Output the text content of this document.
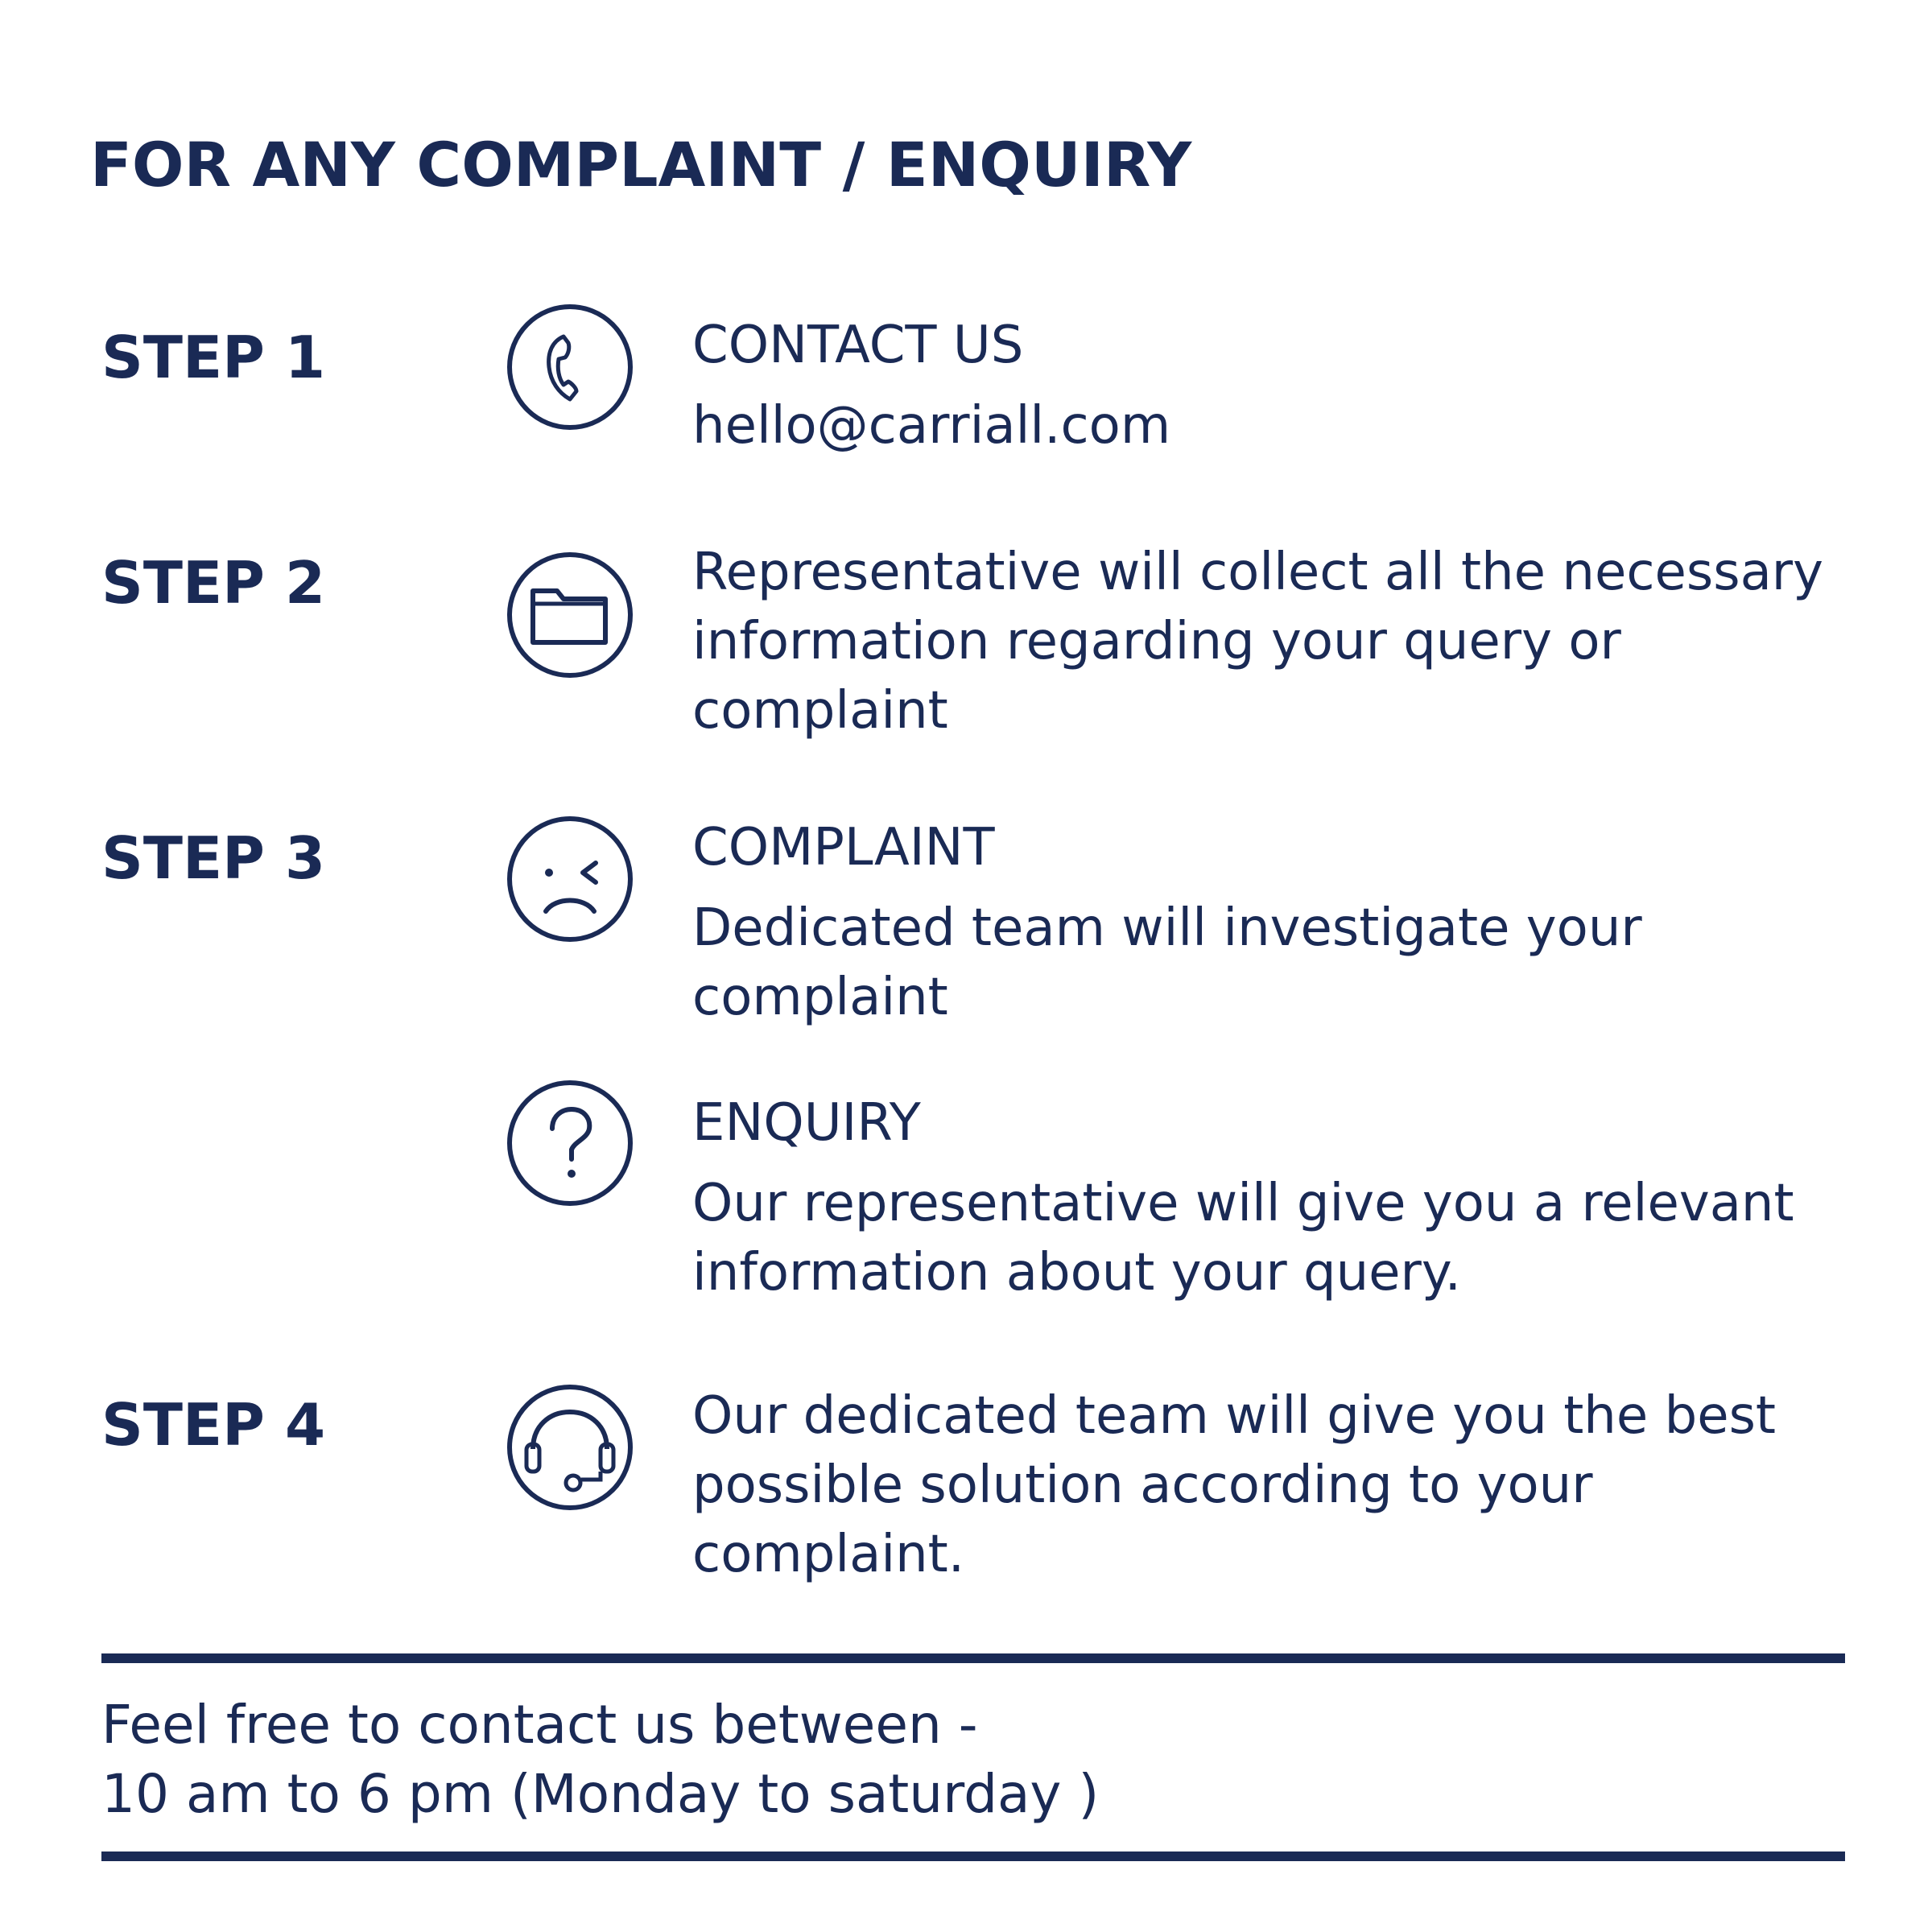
FOR ANY COMPLAINT / ENQUIRY
STEP 1	CONTACT US
hello@carriall.com
STEP 2	Representative will collect all the necessary information regarding your query or complaint
STEP 3	COMPLAINT
Dedicated team will investigate your complaint
ENQUIRY
Our representative will give you a relevant information about your query.
STEP 4	Our dedicated team will give you the best possible solution according to your complaint.
Feel free to contact us between -
10 am to 6 pm (Monday to saturday )
